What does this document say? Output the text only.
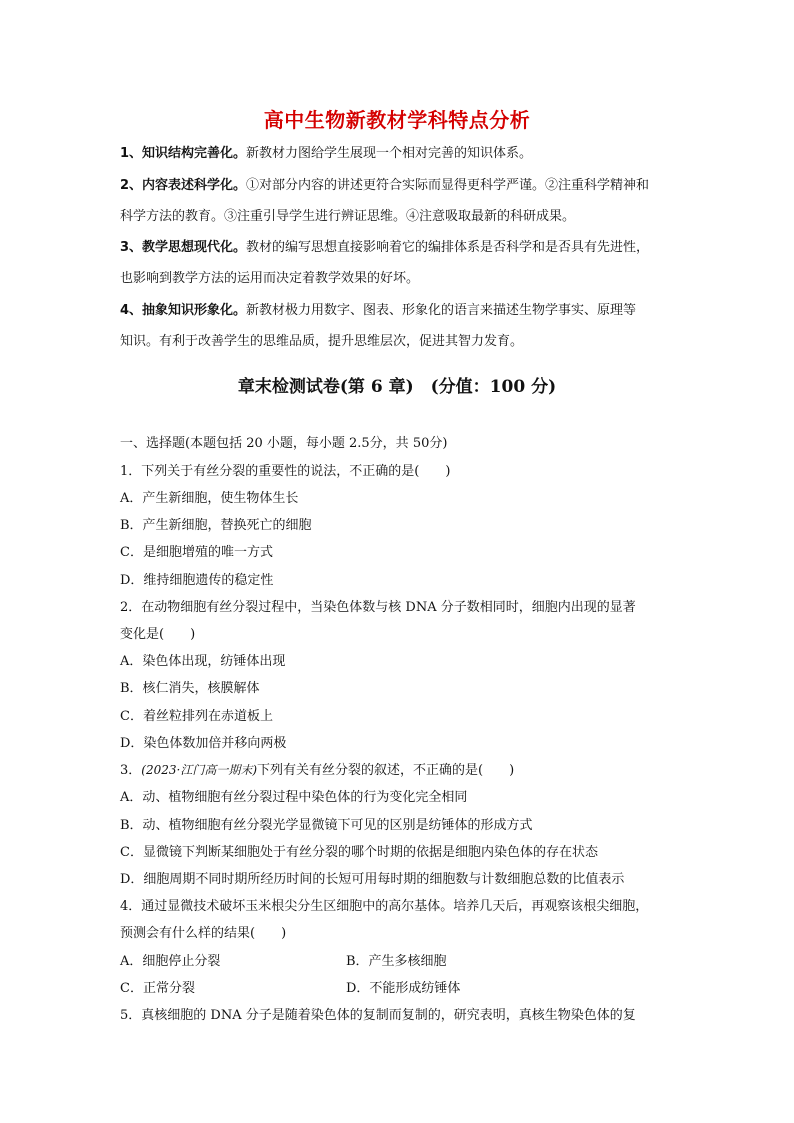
高中生物新教材学科特点分析
1、知识结构完善化。新教材力图给学生展现一个相对完善的知识体系。
2、内容表述科学化。①对部分内容的讲述更符合实际而显得更科学严谨。②注重科学精神和
科学方法的教育。③注重引导学生进行辨证思维。④注意吸取最新的科研成果。
3、教学思想现代化。教材的编写思想直接影响着它的编排体系是否科学和是否具有先进性，
也影响到教学方法的运用而决定着教学效果的好坏。
4、抽象知识形象化。新教材极力用数字、图表、形象化的语言来描述生物学事实、原理等
知识。有利于改善学生的思维品质，提升思维层次，促进其智力发育。
章末检测试卷(第 6 章)　(分值：100 分)
一、选择题(本题包括 20 小题，每小题 2.5分，共 50分)
1．下列关于有丝分裂的重要性的说法，不正确的是(　　)
A．产生新细胞，使生物体生长
B．产生新细胞，替换死亡的细胞
C．是细胞增殖的唯一方式
D．维持细胞遗传的稳定性
2．在动物细胞有丝分裂过程中，当染色体数与核 DNA 分子数相同时，细胞内出现的显著
变化是(　　)
A．染色体出现，纺锤体出现
B．核仁消失，核膜解体
C．着丝粒排列在赤道板上
D．染色体数加倍并移向两极
3．(2023·江门高一期末)下列有关有丝分裂的叙述，不正确的是(　　)
A．动、植物细胞有丝分裂过程中染色体的行为变化完全相同
B．动、植物细胞有丝分裂光学显微镜下可见的区别是纺锤体的形成方式
C．显微镜下判断某细胞处于有丝分裂的哪个时期的依据是细胞内染色体的存在状态
D．细胞周期不同时期所经历时间的长短可用每时期的细胞数与计数细胞总数的比值表示
4．通过显微技术破坏玉米根尖分生区细胞中的高尔基体。培养几天后，再观察该根尖细胞，
预测会有什么样的结果(　　)
A．细胞停止分裂	B．产生多核细胞
C．正常分裂	D．不能形成纺锤体
5．真核细胞的 DNA 分子是随着染色体的复制而复制的，研究表明，真核生物染色体的复
